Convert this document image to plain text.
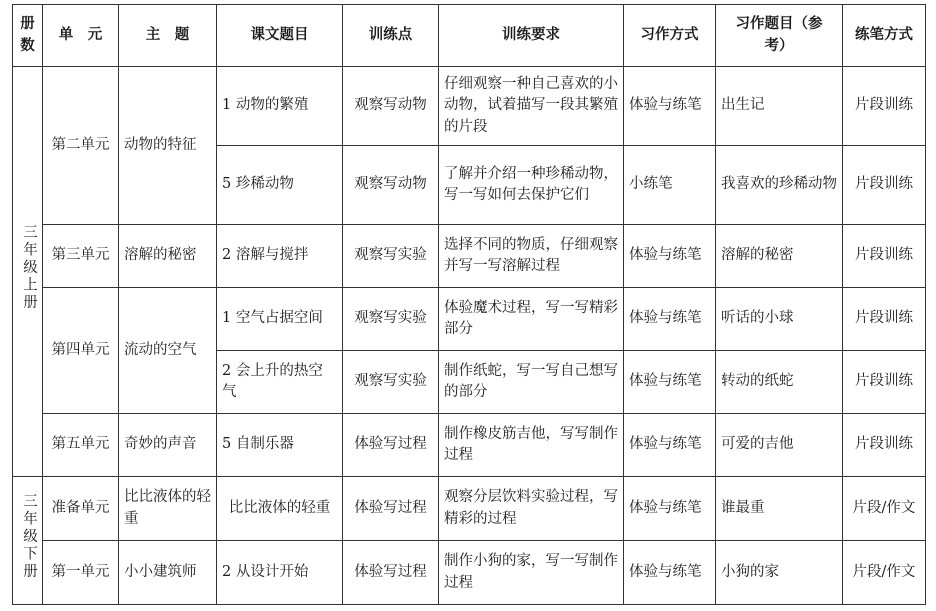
册数	单　元	主　题	课文题目	训练点	训练要求	习作方式	习作题目（参考）	练笔方式
三年级上册	第二单元	动物的特征	1 动物的繁殖	观察写动物	仔细观察一种自己喜欢的小动物，试着描写一段其繁殖的片段	体验与练笔	出生记	片段训练
			5 珍稀动物	观察写动物	了解并介绍一种珍稀动物，写一写如何去保护它们	小练笔	我喜欢的珍稀动物	片段训练
	第三单元	溶解的秘密	2 溶解与搅拌	观察写实验	选择不同的物质，仔细观察并写一写溶解过程	体验与练笔	溶解的秘密	片段训练
	第四单元	流动的空气	1 空气占据空间	观察写实验	体验魔术过程，写一写精彩部分	体验与练笔	听话的小球	片段训练
			2 会上升的热空气	观察写实验	制作纸蛇，写一写自己想写的部分	体验与练笔	转动的纸蛇	片段训练
	第五单元	奇妙的声音	5 自制乐器	体验写过程	制作橡皮筋吉他，写写制作过程	体验与练笔	可爱的吉他	片段训练
三年级下册	准备单元	比比液体的轻重	比比液体的轻重	体验写过程	观察分层饮料实验过程，写精彩的过程	体验与练笔	谁最重	片段/作文
	第一单元	小小建筑师	2 从设计开始	体验写过程	制作小狗的家，写一写制作过程	体验与练笔	小狗的家	片段/作文
